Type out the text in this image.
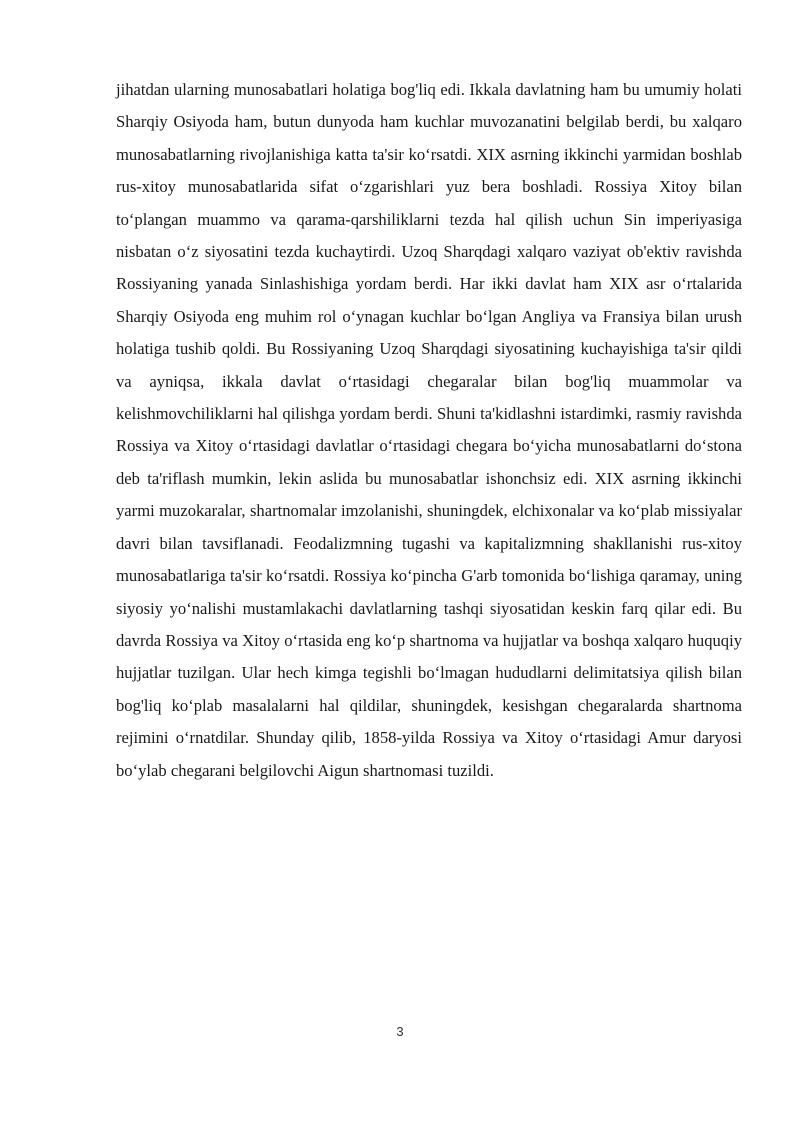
jihatdan ularning munosabatlari holatiga bog'liq edi. Ikkala davlatning ham bu umumiy holati Sharqiy Osiyoda ham, butun dunyoda ham kuchlar muvozanatini belgilab berdi, bu xalqaro munosabatlarning rivojlanishiga katta ta'sir ko‘rsatdi. XIX asrning ikkinchi yarmidan boshlab rus-xitoy munosabatlarida sifat o‘zgarishlari yuz bera boshladi. Rossiya Xitoy bilan to‘plangan muammo va qarama-qarshiliklarni tezda hal qilish uchun Sin imperiyasiga nisbatan o‘z siyosatini tezda kuchaytirdi. Uzoq Sharqdagi xalqaro vaziyat ob'ektiv ravishda Rossiyaning yanada Sinlashishiga yordam berdi. Har ikki davlat ham XIX asr o‘rtalarida Sharqiy Osiyoda eng muhim rol o‘ynagan kuchlar bo‘lgan Angliya va Fransiya bilan urush holatiga tushib qoldi. Bu Rossiyaning Uzoq Sharqdagi siyosatining kuchayishiga ta'sir qildi va ayniqsa, ikkala davlat o‘rtasidagi chegaralar bilan bog'liq muammolar va kelishmovchiliklarni hal qilishga yordam berdi. Shuni ta'kidlashni istardimki, rasmiy ravishda Rossiya va Xitoy o‘rtasidagi davlatlar o‘rtasidagi chegara bo‘yicha munosabatlarni do‘stona deb ta'riflash mumkin, lekin aslida bu munosabatlar ishonchsiz edi. XIX asrning ikkinchi yarmi muzokaralar, shartnomalar imzolanishi, shuningdek, elchixonalar va ko‘plab missiyalar davri bilan tavsiflanadi. Feodalizmning tugashi va kapitalizmning shakllanishi rus-xitoy munosabatlariga ta'sir ko‘rsatdi. Rossiya ko‘pincha G'arb tomonida bo‘lishiga qaramay, uning siyosiy yo‘nalishi mustamlakachi davlatlarning tashqi siyosatidan keskin farq qilar edi. Bu davrda Rossiya va Xitoy o‘rtasida eng ko‘p shartnoma va hujjatlar va boshqa xalqaro huquqiy hujjatlar tuzilgan. Ular hech kimga tegishli bo‘lmagan hududlarni delimitatsiya qilish bilan bog'liq ko‘plab masalalarni hal qildilar, shuningdek, kesishgan chegaralarda shartnoma rejimini o‘rnatdilar. Shunday qilib, 1858-yilda Rossiya va Xitoy o‘rtasidagi Amur daryosi bo‘ylab chegarani belgilovchi Aigun shartnomasi tuzildi.

3
